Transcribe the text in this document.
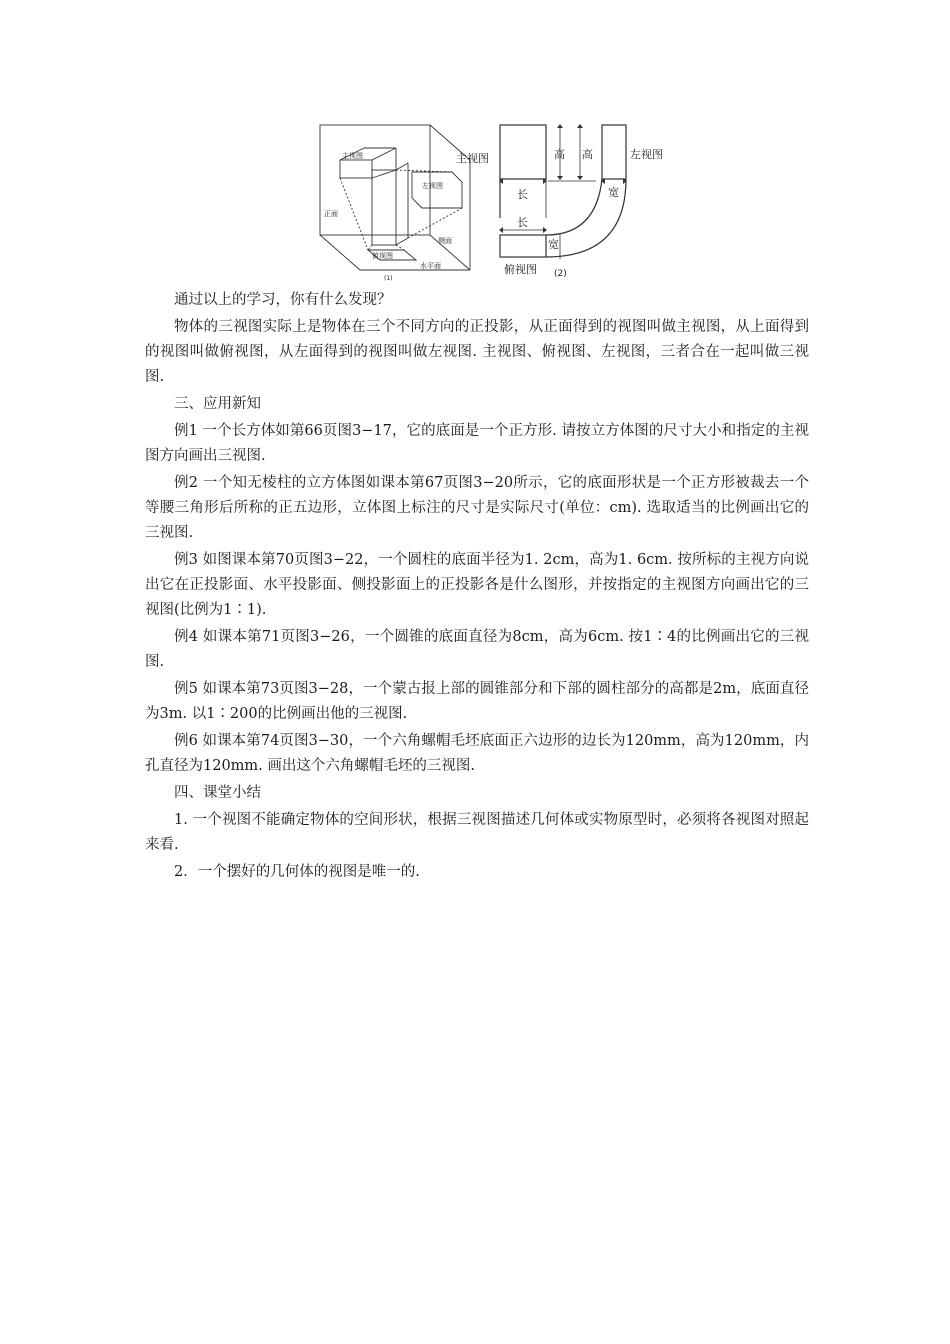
主视图
正面
左视图
侧面
俯视图
水平面
(1)
主视图	高 高	左视图
长	宽
长
宽
俯视图 (2)

通过以上的学习，你有什么发现？

物体的三视图实际上是物体在三个不同方向的正投影，从正面得到的视图叫做主视图，从上面得到的视图叫做俯视图，从左面得到的视图叫做左视图. 主视图、俯视图、左视图，三者合在一起叫做三视图.

三、应用新知

例1 一个长方体如第66页图3−17，它的底面是一个正方形. 请按立方体图的尺寸大小和指定的主视图方向画出三视图.

例2 一个知无棱柱的立方体图如课本第67页图3−20所示，它的底面形状是一个正方形被裁去一个等腰三角形后所称的正五边形，立体图上标注的尺寸是实际尺寸(单位：cm). 选取适当的比例画出它的三视图.

例3 如图课本第70页图3−22，一个圆柱的底面半径为1. 2cm，高为1. 6cm. 按所标的主视方向说出它在正投影面、水平投影面、侧投影面上的正投影各是什么图形，并按指定的主视图方向画出它的三视图(比例为1∶1).

例4 如课本第71页图3−26，一个圆锥的底面直径为8cm，高为6cm. 按1∶4的比例画出它的三视图.

例5 如课本第73页图3−28，一个蒙古报上部的圆锥部分和下部的圆柱部分的高都是2m，底面直径为3m. 以1∶200的比例画出他的三视图.

例6 如课本第74页图3−30，一个六角螺帽毛坯底面正六边形的边长为120mm，高为120mm，内孔直径为120mm. 画出这个六角螺帽毛坯的三视图.

四、课堂小结

1. 一个视图不能确定物体的空间形状，根据三视图描述几何体或实物原型时，必须将各视图对照起来看.

2．一个摆好的几何体的视图是唯一的.
